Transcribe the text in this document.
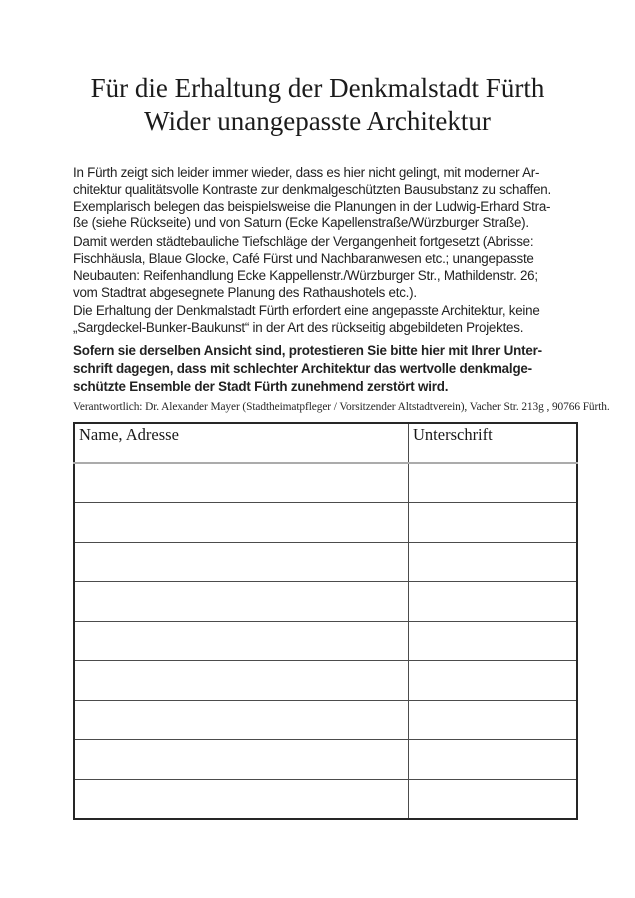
Für die Erhaltung der Denkmalstadt Fürth
Wider unangepasste Architektur

In Fürth zeigt sich leider immer wieder, dass es hier nicht gelingt, mit moderner Ar-
chitektur qualitätsvolle Kontraste zur denkmalgeschützten Bausubstanz zu schaffen.
Exemplarisch belegen das beispielsweise die Planungen in der Ludwig-Erhard Stra-
ße (siehe Rückseite) und von Saturn (Ecke Kapellenstraße/Würzburger Straße).

Damit werden städtebauliche Tiefschläge der Vergangenheit fortgesetzt (Abrisse:
Fischhäusla, Blaue Glocke, Café Fürst und Nachbaranwesen etc.; unangepasste
Neubauten: Reifenhandlung Ecke Kappellenstr./Würzburger Str., Mathildenstr. 26;
vom Stadtrat abgesegnete Planung des Rathaushotels etc.).

Die Erhaltung der Denkmalstadt Fürth erfordert eine angepasste Architektur, keine
„Sargdeckel-Bunker-Baukunst“ in der Art des rückseitig abgebildeten Projektes.

Sofern sie derselben Ansicht sind, protestieren Sie bitte hier mit Ihrer Unter-
schrift dagegen, dass mit schlechter Architektur das wertvolle denkmalge-
schützte Ensemble der Stadt Fürth zunehmend zerstört wird.

Verantwortlich: Dr. Alexander Mayer (Stadtheimatpfleger / Vorsitzender Altstadtverein), Vacher Str. 213g , 90766 Fürth.

Name, Adresse	Unterschrift
